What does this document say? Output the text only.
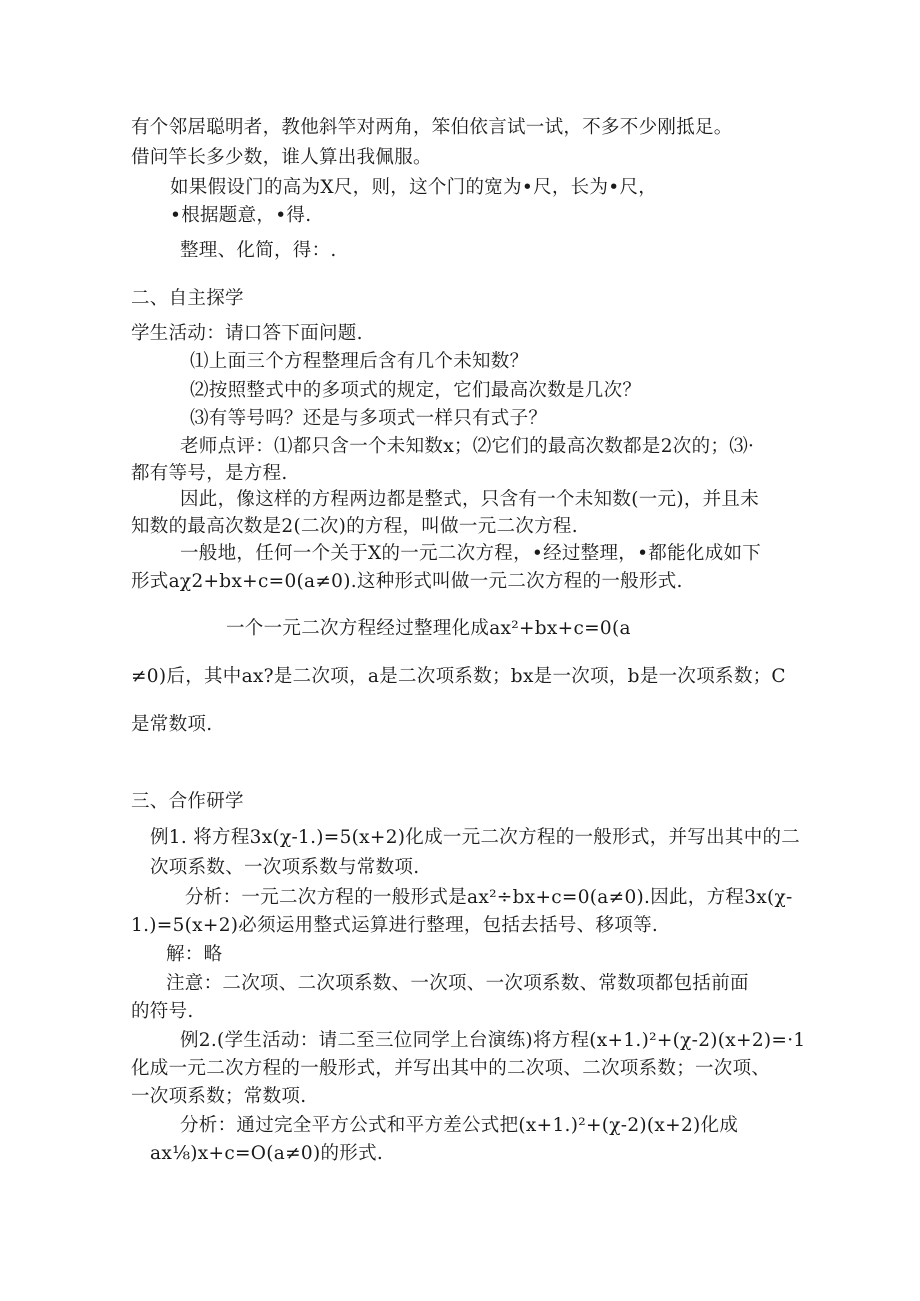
有个邻居聪明者，教他斜竿对两角，笨伯依言试一试，不多不少刚抵足。
借问竿长多少数，谁人算出我佩服。
如果假设门的高为X尺，则，这个门的宽为•尺，长为•尺，
•根据题意，•得.
整理、化简，得：.
二、自主探学
学生活动：请口答下面问题.
⑴上面三个方程整理后含有几个未知数？
⑵按照整式中的多项式的规定，它们最高次数是几次？
⑶有等号吗？还是与多项式一样只有式子？
老师点评：⑴都只含一个未知数x；⑵它们的最高次数都是2次的；⑶·
都有等号，是方程.
因此，像这样的方程两边都是整式，只含有一个未知数(一元)，并且未
知数的最高次数是2(二次)的方程，叫做一元二次方程.
一般地，任何一个关于X的一元二次方程，•经过整理，•都能化成如下
形式aχ2+bx+c=0(a≠0).这种形式叫做一元二次方程的一般形式.
一个一元二次方程经过整理化成ax²+bx+c=0(a
≠0)后，其中ax?是二次项，a是二次项系数；bx是一次项，b是一次项系数；C
是常数项.
三、合作研学
例1. 将方程3x(χ-1.)=5(x+2)化成一元二次方程的一般形式，并写出其中的二
次项系数、一次项系数与常数项.
分析：一元二次方程的一般形式是ax²÷bx+c=0(a≠0).因此，方程3x(χ-
1.)=5(x+2)必须运用整式运算进行整理，包括去括号、移项等.
解：略
注意：二次项、二次项系数、一次项、一次项系数、常数项都包括前面
的符号.
例2.(学生活动：请二至三位同学上台演练)将方程(x+1.)²+(χ-2)(x+2)=·1
化成一元二次方程的一般形式，并写出其中的二次项、二次项系数；一次项、
一次项系数；常数项.
分析：通过完全平方公式和平方差公式把(x+1.)²+(χ-2)(x+2)化成
ax⅛)x+c=O(a≠0)的形式.
